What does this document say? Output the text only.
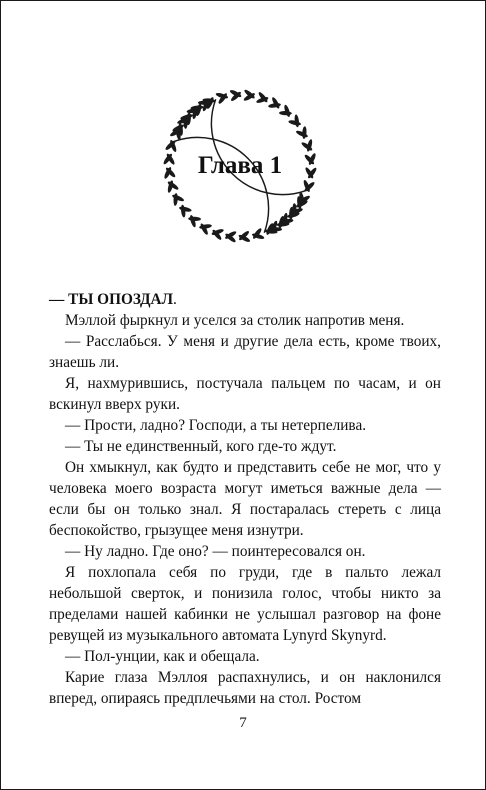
Глава 1

— ТЫ ОПОЗДАЛ.

Мэллой фыркнул и уселся за столик напротив меня.

— Расслабься. У меня и другие дела есть, кроме твоих, знаешь ли.

Я, нахмурившись, постучала пальцем по часам, и он вскинул вверх руки.

— Прости, ладно? Господи, а ты нетерпелива.

— Ты не единственный, кого где-то ждут.

Он хмыкнул, как будто и представить себе не мог, что у человека моего возраста могут иметься важные дела — если бы он только знал. Я постаралась стереть с лица беспокойство, грызущее меня изнутри.

— Ну ладно. Где оно? — поинтересовался он.

Я похлопала себя по груди, где в пальто лежал небольшой сверток, и понизила голос, чтобы никто за пределами нашей кабинки не услышал разговор на фоне ревущей из музыкального автомата Lynyrd Skynyrd.

— Пол-унции, как и обещала.

Карие глаза Мэллоя распахнулись, и он наклонился вперед, опираясь предплечьями на стол. Ростом

7
